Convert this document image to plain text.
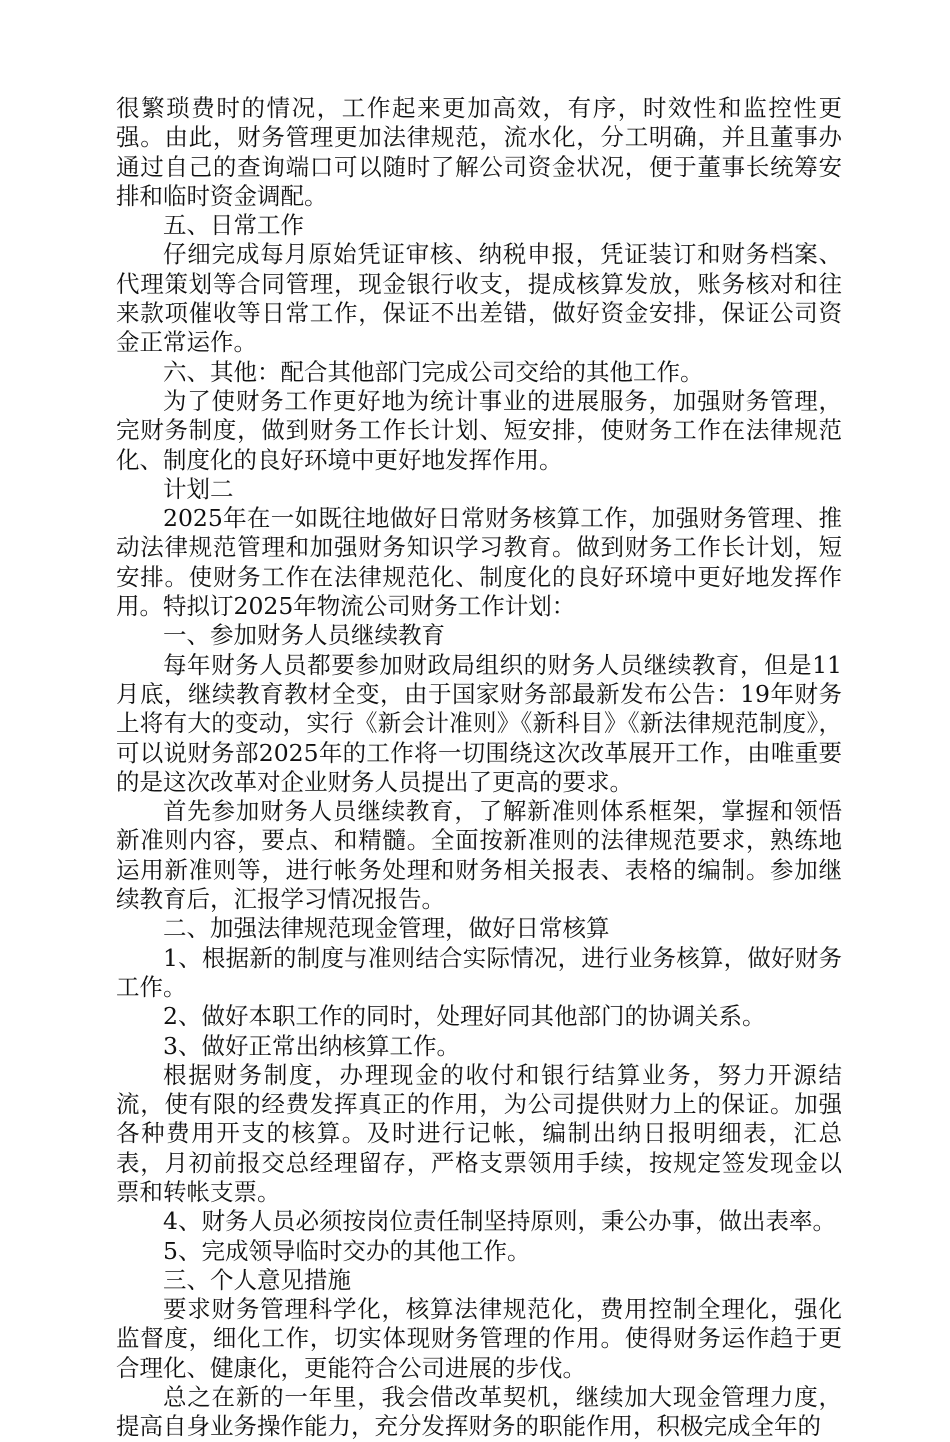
很繁琐费时的情况，工作起来更加高效，有序，时效性和监控性更强。由此，财务管理更加法律规范，流水化，分工明确，并且董事办通过自己的查询端口可以随时了解公司资金状况，便于董事长统筹安排和临时资金调配。

五、日常工作

仔细完成每月原始凭证审核、纳税申报，凭证装订和财务档案、代理策划等合同管理，现金银行收支，提成核算发放，账务核对和往来款项催收等日常工作，保证不出差错，做好资金安排，保证公司资金正常运作。

六、其他：配合其他部门完成公司交给的其他工作。

为了使财务工作更好地为统计事业的进展服务，加强财务管理，完财务制度，做到财务工作长计划、短安排，使财务工作在法律规范化、制度化的良好环境中更好地发挥作用。

计划二

2025年在一如既往地做好日常财务核算工作，加强财务管理、推动法律规范管理和加强财务知识学习教育。做到财务工作长计划，短安排。使财务工作在法律规范化、制度化的良好环境中更好地发挥作用。特拟订2025年物流公司财务工作计划：

一、参加财务人员继续教育

每年财务人员都要参加财政局组织的财务人员继续教育，但是11月底，继续教育教材全变，由于国家财务部最新发布公告：19年财务上将有大的变动，实行《新会计准则》《新科目》《新法律规范制度》，可以说财务部2025年的工作将一切围绕这次改革展开工作，由唯重要的是这次改革对企业财务人员提出了更高的要求。

首先参加财务人员继续教育，了解新准则体系框架，掌握和领悟新准则内容，要点、和精髓。全面按新准则的法律规范要求，熟练地运用新准则等，进行帐务处理和财务相关报表、表格的编制。参加继续教育后，汇报学习情况报告。

二、加强法律规范现金管理，做好日常核算

1、根据新的制度与准则结合实际情况，进行业务核算，做好财务工作。

2、做好本职工作的同时，处理好同其他部门的协调关系。

3、做好正常出纳核算工作。

根据财务制度，办理现金的收付和银行结算业务，努力开源结流，使有限的经费发挥真正的作用，为公司提供财力上的保证。加强各种费用开支的核算。及时进行记帐，编制出纳日报明细表，汇总表，月初前报交总经理留存，严格支票领用手续，按规定签发现金以票和转帐支票。

4、财务人员必须按岗位责任制坚持原则，秉公办事，做出表率。

5、完成领导临时交办的其他工作。

三、个人意见措施

要求财务管理科学化，核算法律规范化，费用控制全理化，强化监督度，细化工作，切实体现财务管理的作用。使得财务运作趋于更合理化、健康化，更能符合公司进展的步伐。

总之在新的一年里，我会借改革契机，继续加大现金管理力度，提高自身业务操作能力，充分发挥财务的职能作用，积极完成全年的
